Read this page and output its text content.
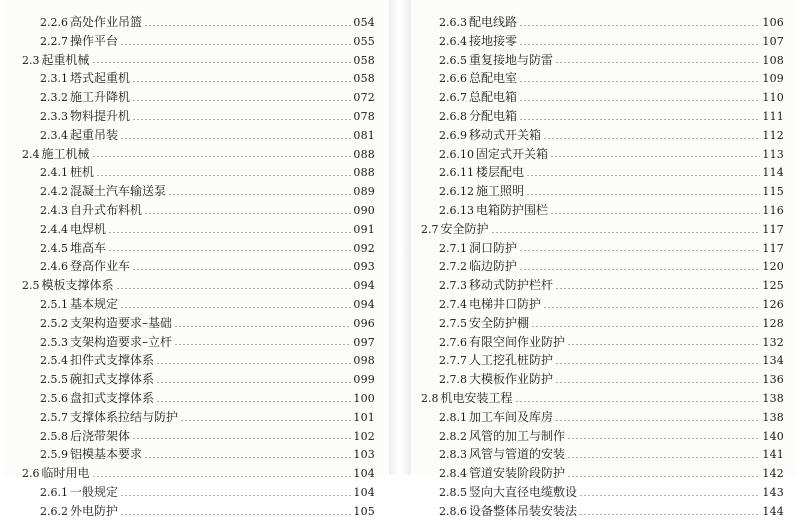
2.2.6 高处作业吊篮	054
2.2.7 操作平台	055
2.3 起重机械	058
2.3.1 塔式起重机	058
2.3.2 施工升降机	072
2.3.3 物料提升机	078
2.3.4 起重吊装	081
2.4 施工机械	088
2.4.1 桩机	088
2.4.2 混凝土汽车输送泵	089
2.4.3 自升式布料机	090
2.4.4 电焊机	091
2.4.5 堆高车	092
2.4.6 登高作业车	093
2.5 模板支撑体系	094
2.5.1 基本规定	094
2.5.2 支架构造要求–基础	096
2.5.3 支架构造要求–立杆	097
2.5.4 扣件式支撑体系	098
2.5.5 碗扣式支撑体系	099
2.5.6 盘扣式支撑体系	100
2.5.7 支撑体系拉结与防护	101
2.5.8 后浇带架体	102
2.5.9 铝模基本要求	103
2.6 临时用电	104
2.6.1 一般规定	104
2.6.2 外电防护	105
2.6.3 配电线路	106
2.6.4 接地接零	107
2.6.5 重复接地与防雷	108
2.6.6 总配电室	109
2.6.7 总配电箱	110
2.6.8 分配电箱	111
2.6.9 移动式开关箱	112
2.6.10 固定式开关箱	113
2.6.11 楼层配电	114
2.6.12 施工照明	115
2.6.13 电箱防护围栏	116
2.7 安全防护	117
2.7.1 洞口防护	117
2.7.2 临边防护	120
2.7.3 移动式防护栏杆	125
2.7.4 电梯井口防护	126
2.7.5 安全防护棚	128
2.7.6 有限空间作业防护	132
2.7.7 人工挖孔桩防护	134
2.7.8 大模板作业防护	136
2.8 机电安装工程	138
2.8.1 加工车间及库房	138
2.8.2 风管的加工与制作	140
2.8.3 风管与管道的安装	141
2.8.4 管道安装阶段防护	142
2.8.5 竖向大直径电缆敷设	143
2.8.6 设备整体吊装安装法	144
